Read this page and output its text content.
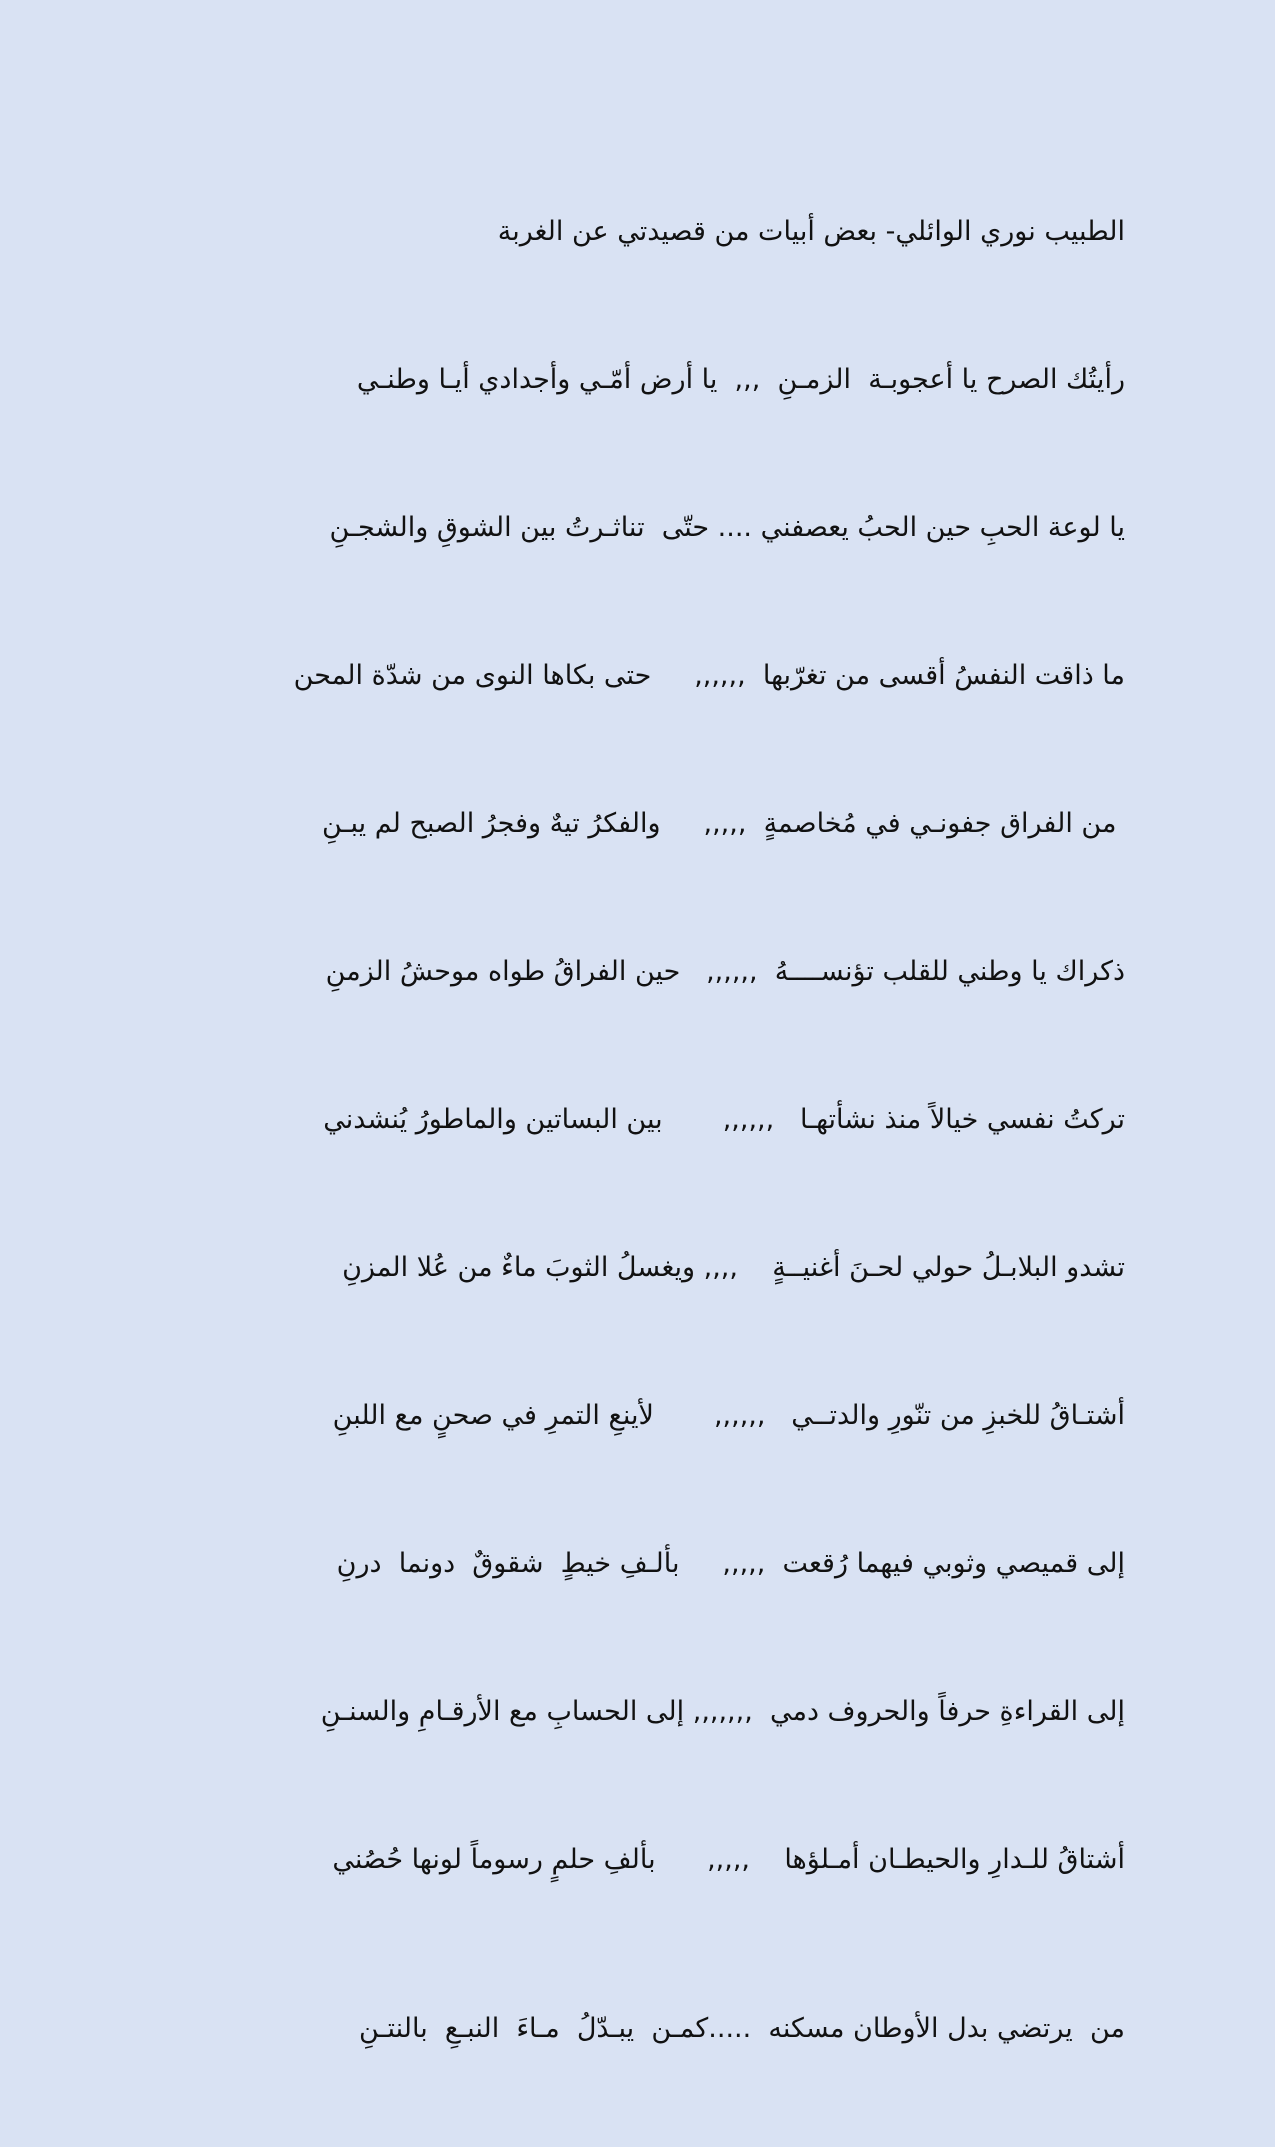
الطبيب نوري الوائلي- بعض أبيات من قصيدتي عن الغربة

رأيتُك الصرح يا أعجوبـة  الزمـنِ  ,,,  يا أرض أمّـي وأجدادي أيـا وطنـي

يا لوعة الحبِ حين الحبُ يعصفني .... حتّى  تناثـرتُ بين الشوقِ والشجـنِ

ما ذاقت النفسُ أقسى من تغرّبها  ,,,,,,     حتى بكاها النوى من شدّة المحن

من الفراق جفونـي في مُخاصمةٍ  ,,,,,     والفكرُ تيهٌ وفجرُ الصبح لم يبـنِ

ذكراك يا وطني للقلب تؤنســــهُ  ,,,,,,   حين الفراقُ طواه موحشُ الزمنِ

تركتُ نفسي خيالاً منذ نشأتهـا   ,,,,,,       بين البساتين والماطورُ يُنشدني

تشدو البلابـلُ حولي لحـنَ أغنيــةٍ    ,,,, ويغسلُ الثوبَ ماءٌ من عُلا المزنِ

أشتـاقُ للخبزِ من تنّورِ والدتــي   ,,,,,,       لأينعِ التمرِ في صحنٍ مع اللبنِ

إلى قميصي وثوبي فيهما رُقعت  ,,,,,     بألـفِ خيطٍ  شقوقٌ  دونما  درنِ

إلى القراءةِ حرفاً والحروف دمي  ,,,,,,, إلى الحسابِ مع الأرقـامِ والسنـنِ

أشتاقُ للـدارِ والحيطـان أمـلؤها    ,,,,,      بألفِ حلمٍ رسوماً لونها حُصُني

من  يرتضي بدل الأوطان مسكنه  .....كمـن  يبـدّلُ  مـاءَ  النبـعِ  بالنتـنِ
